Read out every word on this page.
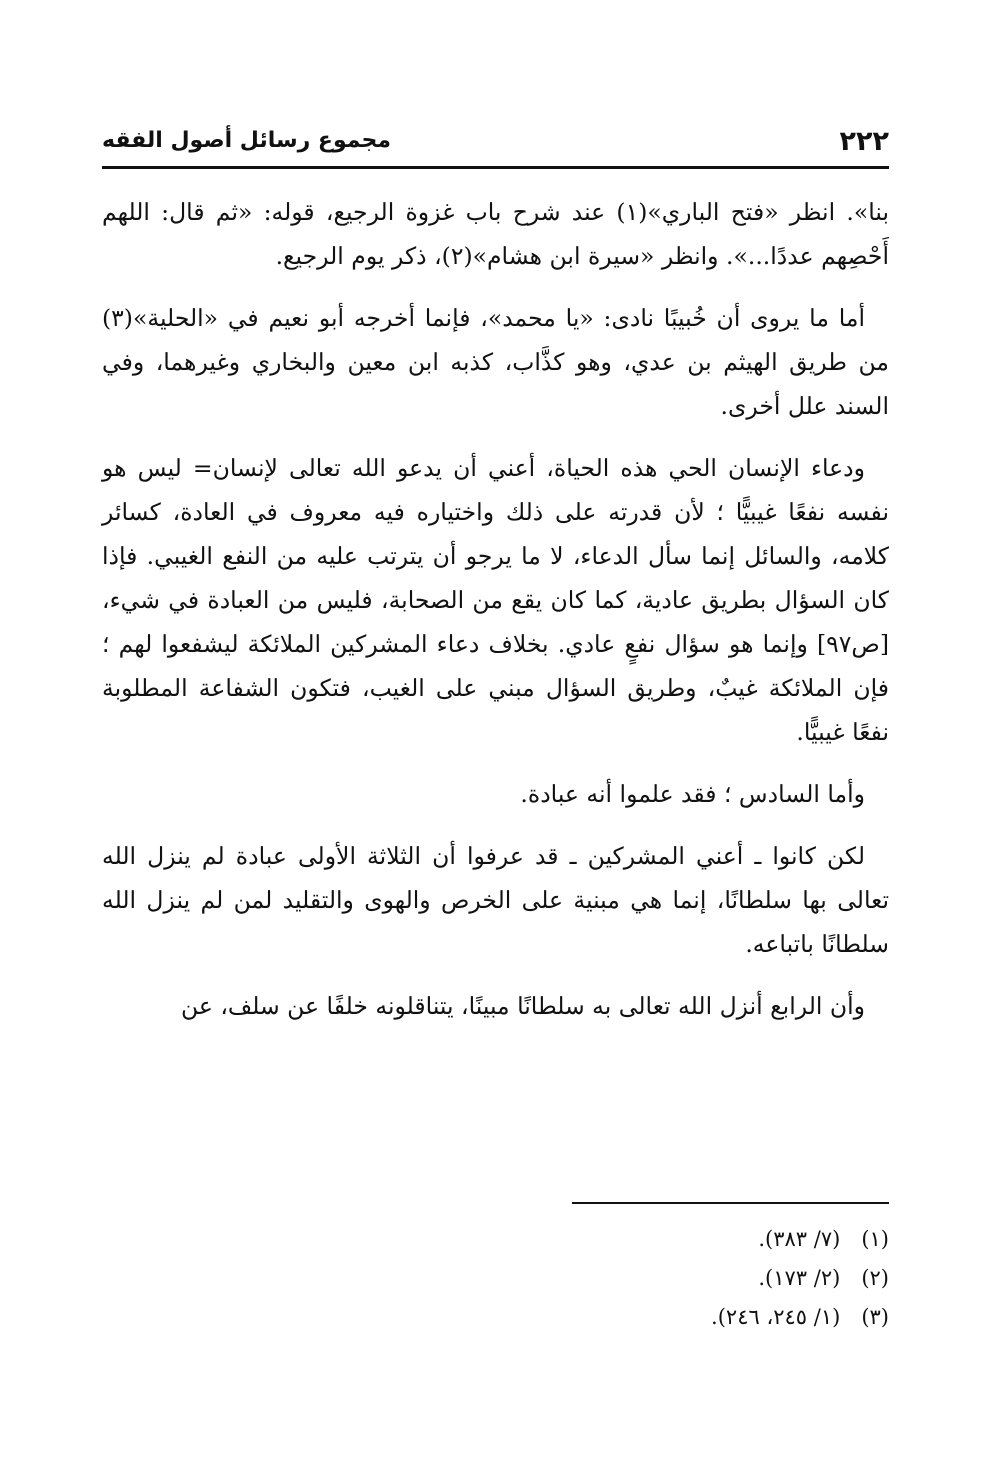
٢٢٢
مجموع رسائل أصول الفقه

بنا». انظر «فتح الباري»(١) عند شرح باب غزوة الرجيع، قوله: «ثم قال: اللهم أَحْصِهم عددًا...». وانظر «سيرة ابن هشام»(٢)، ذكر يوم الرجيع.

أما ما يروى أن خُبيبًا نادى: «يا محمد»، فإنما أخرجه أبو نعيم في «الحلية»(٣) من طريق الهيثم بن عدي، وهو كذَّاب، كذبه ابن معين والبخاري وغيرهما، وفي السند علل أخرى.

ودعاء الإنسان الحي هذه الحياة، أعني أن يدعو الله تعالى لإنسان= ليس هو نفسه نفعًا غيبيًّا ؛ لأن قدرته على ذلك واختياره فيه معروف في العادة، كسائر كلامه، والسائل إنما سأل الدعاء، لا ما يرجو أن يترتب عليه من النفع الغيبي. فإذا كان السؤال بطريق عادية، كما كان يقع من الصحابة، فليس من العبادة في شيء، [ص٩٧] وإنما هو سؤال نفعٍ عادي. بخلاف دعاء المشركين الملائكة ليشفعوا لهم ؛ فإن الملائكة غيبٌ، وطريق السؤال مبني على الغيب، فتكون الشفاعة المطلوبة نفعًا غيبيًّا.

وأما السادس ؛ فقد علموا أنه عبادة.

لكن كانوا ـ أعني المشركين ـ قد عرفوا أن الثلاثة الأولى عبادة لم ينزل الله تعالى بها سلطانًا، إنما هي مبنية على الخرص والهوى والتقليد لمن لم ينزل الله سلطانًا باتباعه.

وأن الرابع أنزل الله تعالى به سلطانًا مبينًا، يتناقلونه خلفًا عن سلف، عن

(١) (٧/ ٣٨٣).
(٢) (٢/ ١٧٣).
(٣) (١/ ٢٤٥، ٢٤٦).
